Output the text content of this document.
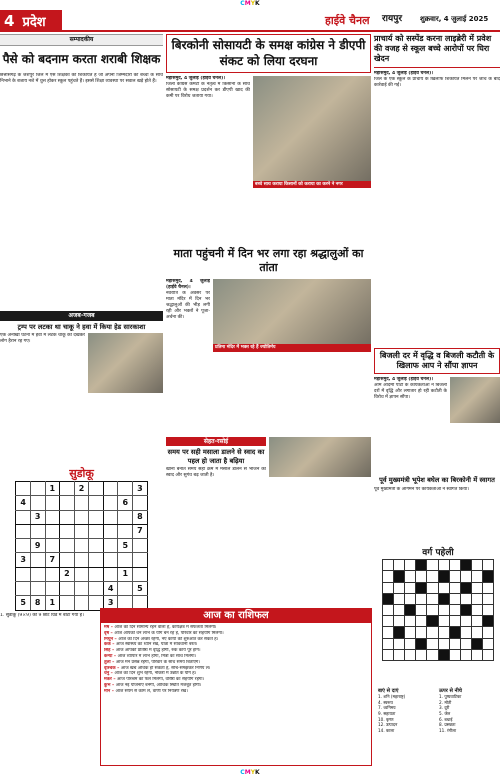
CMYK
4 प्रदेश	हाईवे चैनल रायपुर	शुक्रवार, 4 जुलाई 2025
सम्पादकीय
पैसे को बदनाम करता शराबी शिक्षक

छत्तीसगढ़ के जशपुर जिले में ऐसे शिक्षकों की शिकायतें हैं जो अपनी जिम्मेदारी को बच्चों के साथ निभाने के बजाय नशे में धुत्त होकर स्कूल पहुंचते हैं। इससे शिक्षा व्यवस्था पर सवाल खड़े होते हैं।

अजब-गजब
ट्रम्प पर लटका था चाकू ने हवा में किया हेड सारकाशा

एक अनोखी घटना में हवा में लटके चाकू को देखकर लोग हैरान रह गए।

सुडोकू
		1		2				3
4							6	
	3							8
								7
	9						5	
3		7						
			2				1	
						4		5
5	8	1				3		

1. सुडोकू (9×9) को 9 छोटे ग्रिड में बांटा गया है।

बिरकोनी सोसायटी के समक्ष कांग्रेस ने डीएपी संकट को लिया दरघना

महासमुंद, 4 जुलाई (हाईवे चैनल)।

जिला कांग्रेस कमेटी के नेतृत्व में किसानों के साथ सोसायटी के समक्ष प्रदर्शन कर डीएपी खाद की कमी पर विरोध जताया गया।

बच्चे साथ कराया किसानों को कराया का करने ने नगर

माता पहुंचनी में दिन भर लगा रहा श्रद्धालुओं का तांता

महासमुंद, 4 जुलाई (हाईवे चैनल)।

नवरात्रि के अवसर पर माता मंदिर में दिन भर श्रद्धालुओं की भीड़ लगी रही और भक्तों ने पूजा-अर्चना की।

प्रतिमा मंदिर में भक्त रहे हैं ज्योतिर्मय

सेहत-रसोई
समय पर सही मसाला डालने से स्वाद का पहल हो जाता है बढ़िया

खाना बनाते समय सही क्रम में मसाले डालने से भोजन का स्वाद और सुगंध बढ़ जाती है।

प्राचार्य को सस्पेंड करना लाइब्रेरी में प्रवेश की वजह से स्कूल बच्चे आरोपों पर घिरा खेदन

महासमुंद, 4 जुलाई (हाईवे चैनल)।

जिले के एक स्कूल के प्राचार्य के खिलाफ शिकायत मिलने पर जांच के बाद कार्रवाई की गई।

बिजली दर में वृद्धि व बिजली कटौती के खिलाफ आप ने सौंपा ज्ञापन

महासमुंद, 4 जुलाई (हाईवे चैनल)।

आम आदमी पार्टी के कार्यकर्ताओं ने बिजली दरों में वृद्धि और लगातार हो रही कटौती के विरोध में ज्ञापन सौंपा।

पूर्व मुख्यमंत्री भूपेश बघेल का बिरकोनी में स्वागत

पूर्व मुख्यमंत्री के आगमन पर कार्यकर्ताओं ने स्वागत किया।

वर्ग पहेली

बाएं से दाएं

1. शनि (महाराष्ट्र)

4. स्वरूप

7. ध्वनिमय

9. सहायता

10. कृष्ण

12. उत्पादन

14. काला

ऊपर से नीचे

1. पुष्पवाटिका

2. मोती

3. दूरी

5. जेल

6. बधाई

8. प्रसन्नता

11. रंगीला

आज का राशिफल
मेष – आज का दिन सामान्य रहने वाला है, कार्यक्षेत्र में सफलता मिलेगी।
वृष – आज आपको धन लाभ के योग बन रहे हैं, परिवार का सहयोग मिलेगा।
मिथुन – आज का दिन अच्छा रहेगा, नए कार्यों की शुरुआत कर सकते हैं।
कर्क – आज स्वास्थ्य का ध्यान रखें, यात्रा में सावधानी बरतें।
सिंह – आज आपकी प्रतिष्ठा में वृद्धि होगी, रुके कार्य पूरे होंगे।
कन्या – आज व्यापार में लाभ होगा, मित्रों का साथ मिलेगा।
तुला – आज मन प्रसन्न रहेगा, परिवार के साथ समय बिताएंगे।
वृश्चिक – आज खर्च अधिक हो सकता है, सोच-समझकर निर्णय लें।
धनु – आज का दिन शुभ रहेगा, नौकरी में उन्नति के योग हैं।
मकर – आज परिश्रम का फल मिलेगा, वरिष्ठों का सहयोग रहेगा।
कुंभ – आज नई योजनाएं बनेंगी, आर्थिक स्थिति मजबूत होगी।
मीन – आज संयम से काम लें, वाणी पर नियंत्रण रखें।
CMYK
